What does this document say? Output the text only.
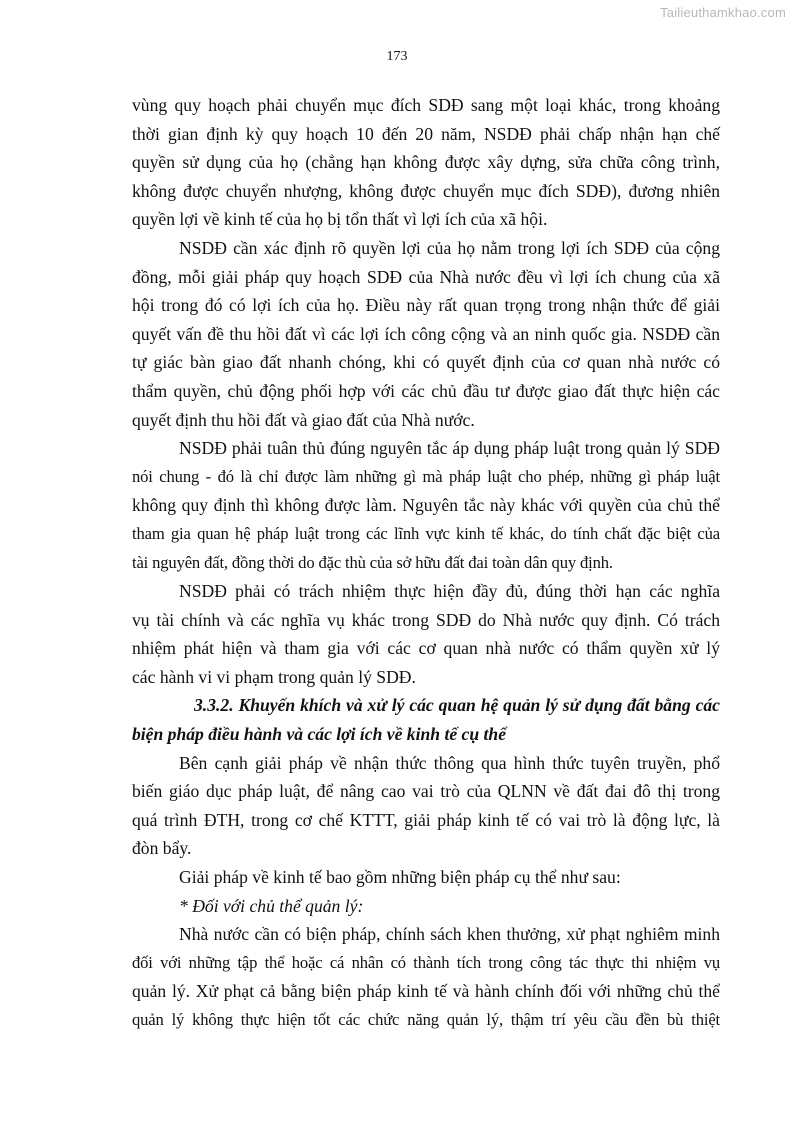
Tailieuthamkhao.com
173
vùng quy hoạch phải chuyển mục đích SDĐ sang một loại khác, trong khoảng
thời gian định kỳ quy hoạch 10 đến 20 năm, NSDĐ phải chấp nhận hạn chế
quyền sử dụng của họ (chẳng hạn không được xây dựng, sửa chữa công trình,
không được chuyển nhượng, không được chuyển mục đích SDĐ), đương nhiên
quyền lợi về kinh tế của họ bị tổn thất vì lợi ích của xã hội.
NSDĐ cần xác định rõ quyền lợi của họ nằm trong lợi ích SDĐ của cộng
đồng, mỗi giải pháp quy hoạch SDĐ của Nhà nước đều vì lợi ích chung của xã
hội trong đó có lợi ích của họ. Điều này rất quan trọng trong nhận thức để giải
quyết vấn đề thu hồi đất vì các lợi ích công cộng và an ninh quốc gia. NSDĐ cần
tự giác bàn giao đất nhanh chóng, khi có quyết định của cơ quan nhà nước có
thẩm quyền, chủ động phối hợp với các chủ đầu tư được giao đất thực hiện các
quyết định thu hồi đất và giao đất của Nhà nước.
NSDĐ phải tuân thủ đúng nguyên tắc áp dụng pháp luật trong quản lý SDĐ
nói chung - đó là chỉ được làm những gì mà pháp luật cho phép, những gì pháp luật
không quy định thì không được làm. Nguyên tắc này khác với quyền của chủ thể
tham gia quan hệ pháp luật trong các lĩnh vực kinh tế khác, do tính chất đặc biệt của
tài nguyên đất, đồng thời do đặc thù của sở hữu đất đai toàn dân quy định.
NSDĐ phải có trách nhiệm thực hiện đầy đủ, đúng thời hạn các nghĩa
vụ tài chính và các nghĩa vụ khác trong SDĐ do Nhà nước quy định. Có trách
nhiệm phát hiện và tham gia với các cơ quan nhà nước có thẩm quyền xử lý
các hành vi vi phạm trong quản lý SDĐ.
3.3.2. Khuyến khích và xử lý các quan hệ quản lý sử dụng đất bằng các
biện pháp điều hành và các lợi ích về kinh tế cụ thể
Bên cạnh giải pháp về nhận thức thông qua hình thức tuyên truyền, phổ
biến giáo dục pháp luật, để nâng cao vai trò của QLNN về đất đai đô thị trong
quá trình ĐTH, trong cơ chế KTTT, giải pháp kinh tế có vai trò là động lực, là
đòn bẩy.
Giải pháp về kinh tế bao gồm những biện pháp cụ thể như sau:
* Đối với chủ thể quản lý:
Nhà nước cần có biện pháp, chính sách khen thưởng, xử phạt nghiêm minh
đối với những tập thể hoặc cá nhân có thành tích trong công tác thực thi nhiệm vụ
quản lý. Xử phạt cả bằng biện pháp kinh tế và hành chính đối với những chủ thể
quản lý không thực hiện tốt các chức năng quản lý, thậm trí yêu cầu đền bù thiệt
